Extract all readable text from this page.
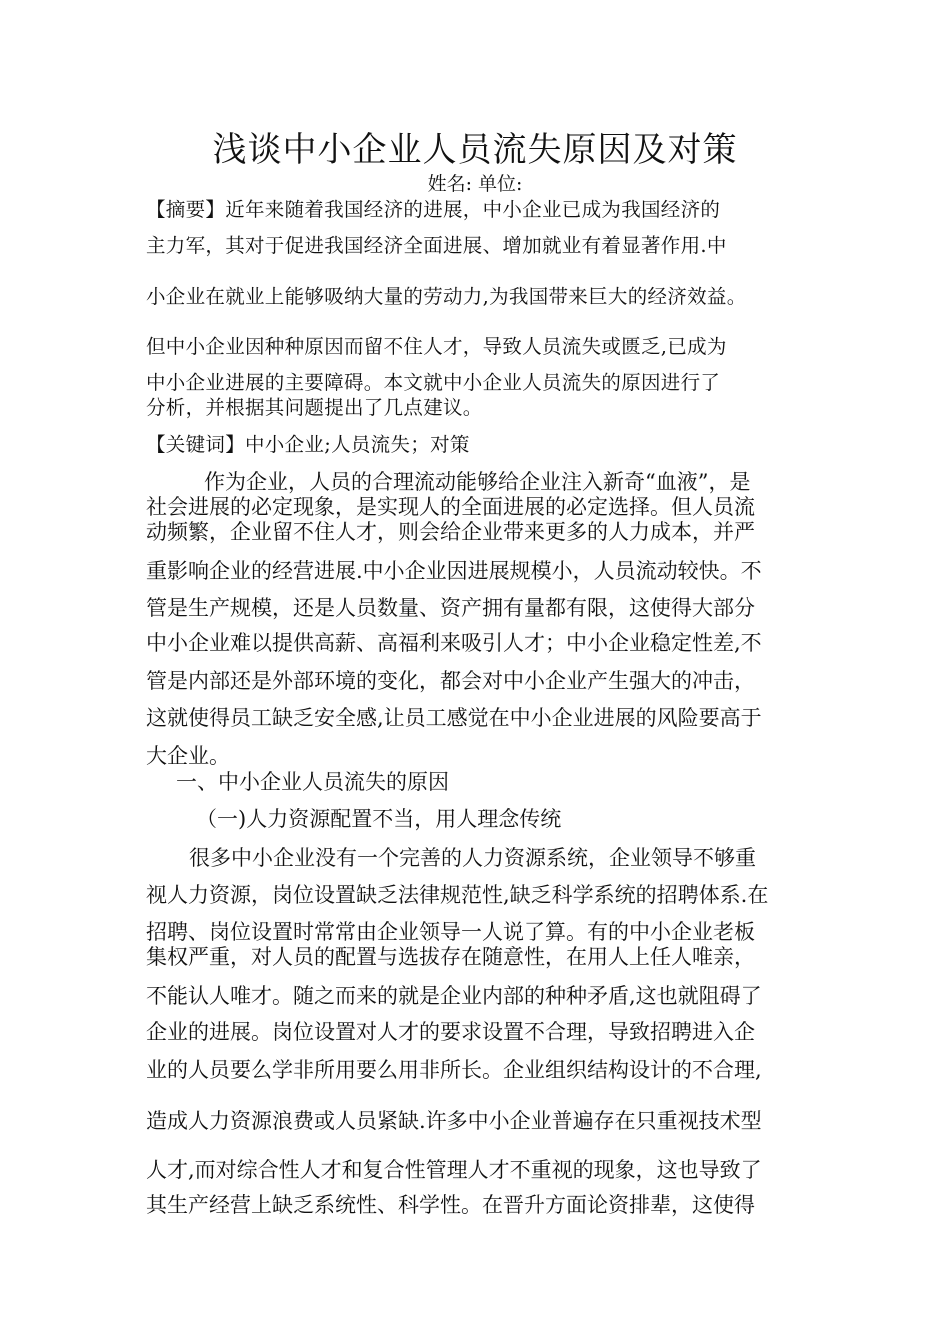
浅谈中小企业人员流失原因及对策
姓名: 单位:
【摘要】近年来随着我国经济的进展，中小企业已成为我国经济的
主力军，其对于促进我国经济全面进展、增加就业有着显著作用.中
小企业在就业上能够吸纳大量的劳动力,为我国带来巨大的经济效益。
但中小企业因种种原因而留不住人才，导致人员流失或匮乏,已成为
中小企业进展的主要障碍。本文就中小企业人员流失的原因进行了
分析，并根据其问题提出了几点建议。
【关键词】中小企业;人员流失；对策
作为企业，人员的合理流动能够给企业注入新奇“血液”，是
社会进展的必定现象，是实现人的全面进展的必定选择。但人员流
动频繁，企业留不住人才，则会给企业带来更多的人力成本，并严
重影响企业的经营进展.中小企业因进展规模小，人员流动较快。不
管是生产规模，还是人员数量、资产拥有量都有限，这使得大部分
中小企业难以提供高薪、高福利来吸引人才；中小企业稳定性差,不
管是内部还是外部环境的变化，都会对中小企业产生强大的冲击，
这就使得员工缺乏安全感,让员工感觉在中小企业进展的风险要高于
大企业。
一、中小企业人员流失的原因
（一)人力资源配置不当，用人理念传统
很多中小企业没有一个完善的人力资源系统，企业领导不够重
视人力资源，岗位设置缺乏法律规范性,缺乏科学系统的招聘体系.在
招聘、岗位设置时常常由企业领导一人说了算。有的中小企业老板
集权严重，对人员的配置与选拔存在随意性，在用人上任人唯亲，
不能认人唯才。随之而来的就是企业内部的种种矛盾,这也就阻碍了
企业的进展。岗位设置对人才的要求设置不合理，导致招聘进入企
业的人员要么学非所用要么用非所长。企业组织结构设计的不合理,
造成人力资源浪费或人员紧缺.许多中小企业普遍存在只重视技术型
人才,而对综合性人才和复合性管理人才不重视的现象，这也导致了
其生产经营上缺乏系统性、科学性。在晋升方面论资排辈，这使得
